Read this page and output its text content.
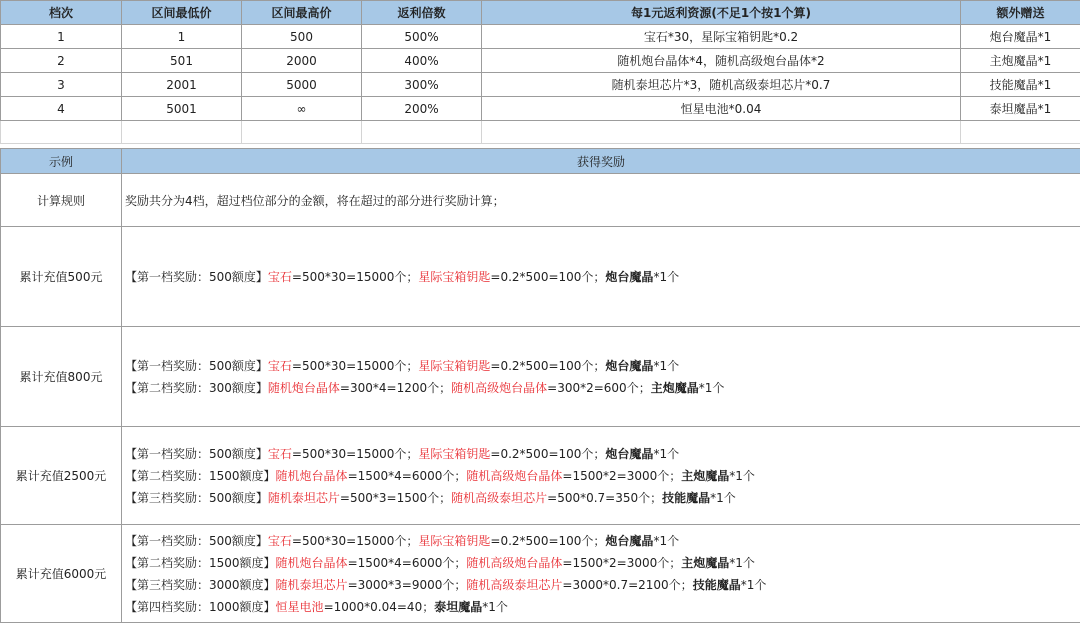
档次	区间最低价	区间最高价	返利倍数	每1元返利资源(不足1个按1个算)	额外赠送
1	1	500	500%	宝石*30，星际宝箱钥匙*0.2	炮台魔晶*1
2	501	2000	400%	随机炮台晶体*4，随机高级炮台晶体*2	主炮魔晶*1
3	2001	5000	300%	随机泰坦芯片*3，随机高级泰坦芯片*0.7	技能魔晶*1
4	5001	∞	200%	恒星电池*0.04	泰坦魔晶*1

示例	获得奖励
计算规则	奖励共分为4档，超过档位部分的金额，将在超过的部分进行奖励计算；
累计充值500元	【第一档奖励：500额度】宝石=500*30=15000个；星际宝箱钥匙=0.2*500=100个；炮台魔晶*1个

累计充值800元	【第一档奖励：500额度】宝石=500*30=15000个；星际宝箱钥匙=0.2*500=100个；炮台魔晶*1个
【第二档奖励：300额度】随机炮台晶体=300*4=1200个；随机高级炮台晶体=300*2=600个；主炮魔晶*1个

累计充值2500元	【第一档奖励：500额度】宝石=500*30=15000个；星际宝箱钥匙=0.2*500=100个；炮台魔晶*1个
【第二档奖励：1500额度】随机炮台晶体=1500*4=6000个；随机高级炮台晶体=1500*2=3000个；主炮魔晶*1个
【第三档奖励：500额度】随机泰坦芯片=500*3=1500个；随机高级泰坦芯片=500*0.7=350个；技能魔晶*1个

累计充值6000元	【第一档奖励：500额度】宝石=500*30=15000个；星际宝箱钥匙=0.2*500=100个；炮台魔晶*1个
【第二档奖励：1500额度】随机炮台晶体=1500*4=6000个；随机高级炮台晶体=1500*2=3000个；主炮魔晶*1个
【第三档奖励：3000额度】随机泰坦芯片=3000*3=9000个；随机高级泰坦芯片=3000*0.7=2100个；技能魔晶*1个
【第四档奖励：1000额度】恒星电池=1000*0.04=40；泰坦魔晶*1个
